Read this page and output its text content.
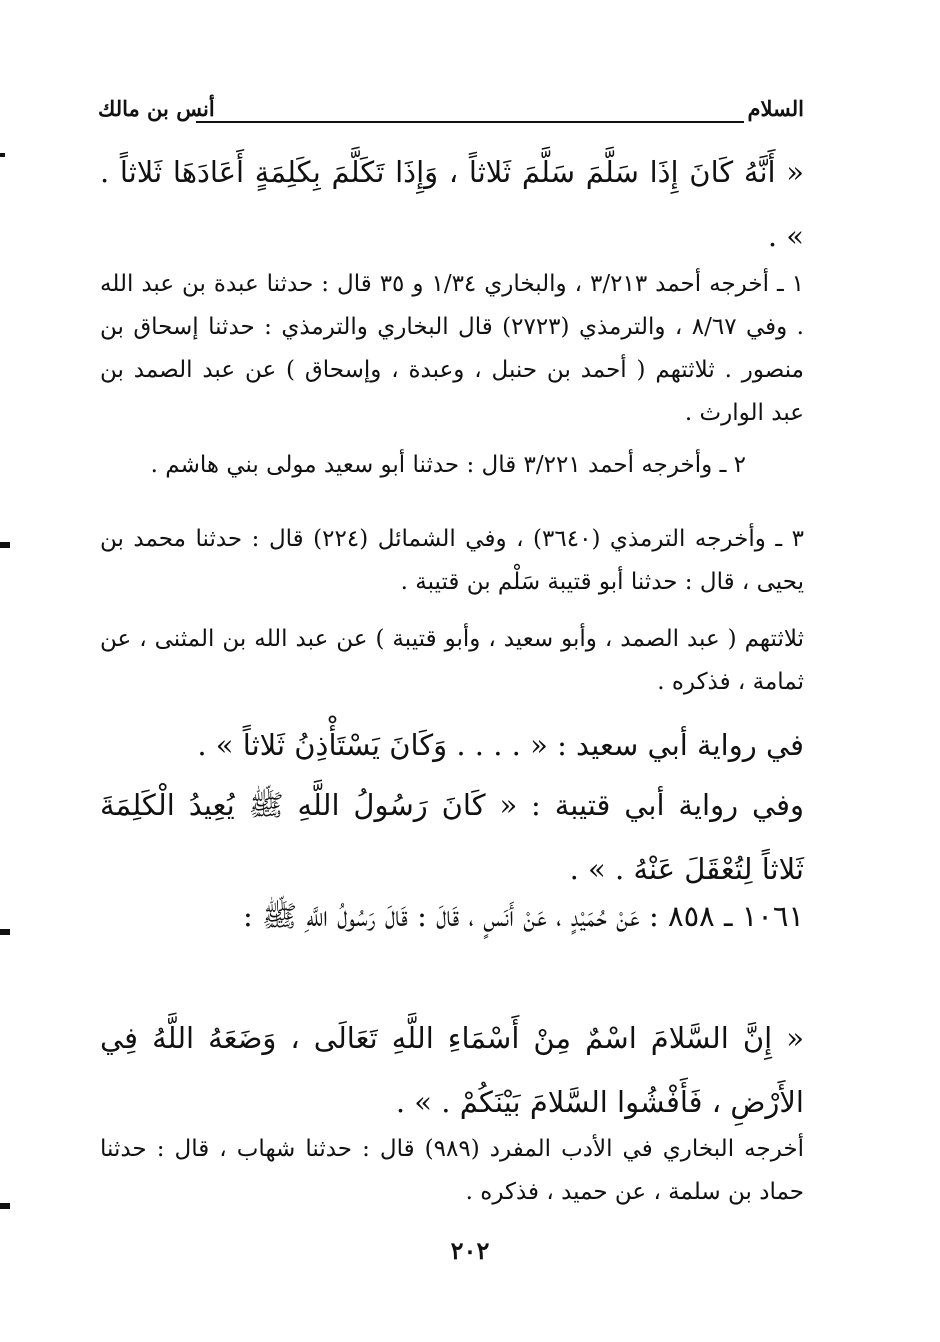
السلام
أنس بن مالك

« أَنَّهُ كَانَ إِذَا سَلَّمَ سَلَّمَ ثَلاثاً ، وَإِذَا تَكَلَّمَ بِكَلِمَةٍ أَعَادَهَا ثَلاثاً . » .

١ ـ أخرجه أحمد ٣/٢١٣ ، والبخاري ١/٣٤ و ٣٥ قال : حدثنا عبدة بن عبد الله . وفي ٨/٦٧ ، والترمذي (٢٧٢٣) قال البخاري والترمذي : حدثنا إسحاق بن منصور . ثلاثتهم ( أحمد بن حنبل ، وعبدة ، وإسحاق ) عن عبد الصمد بن عبد الوارث .

٢ ـ وأخرجه أحمد ٣/٢٢١ قال : حدثنا أبو سعيد مولى بني هاشم .

٣ ـ وأخرجه الترمذي (٣٦٤٠) ، وفي الشمائل (٢٢٤) قال : حدثنا محمد بن يحيى ، قال : حدثنا أبو قتيبة سَلْم بن قتيبة .

ثلاثتهم ( عبد الصمد ، وأبو سعيد ، وأبو قتيبة ) عن عبد الله بن المثنى ، عن ثمامة ، فذكره .

في رواية أبي سعيد : « . . . . وَكَانَ يَسْتَأْذِنُ ثَلاثاً » .

وفي رواية أبي قتيبة : « كَانَ رَسُولُ اللَّهِ ﷺ يُعِيدُ الْكَلِمَةَ ثَلاثاً لِتُعْقَلَ عَنْهُ . » .

١٠٦١ ـ ٨٥٨ : عَنْ حُمَيْدٍ ، عَنْ أَنَسٍ ، قَالَ : قَالَ رَسُولُ اللَّهِ ﷺ :

« إِنَّ السَّلامَ اسْمٌ مِنْ أَسْمَاءِ اللَّهِ تَعَالَى ، وَضَعَهُ اللَّهُ فِي الأَرْضِ ، فَأَفْشُوا السَّلامَ بَيْنَكُمْ . » .

أخرجه البخاري في الأدب المفرد (٩٨٩) قال : حدثنا شهاب ، قال : حدثنا حماد بن سلمة ، عن حميد ، فذكره .

٢٠٢
